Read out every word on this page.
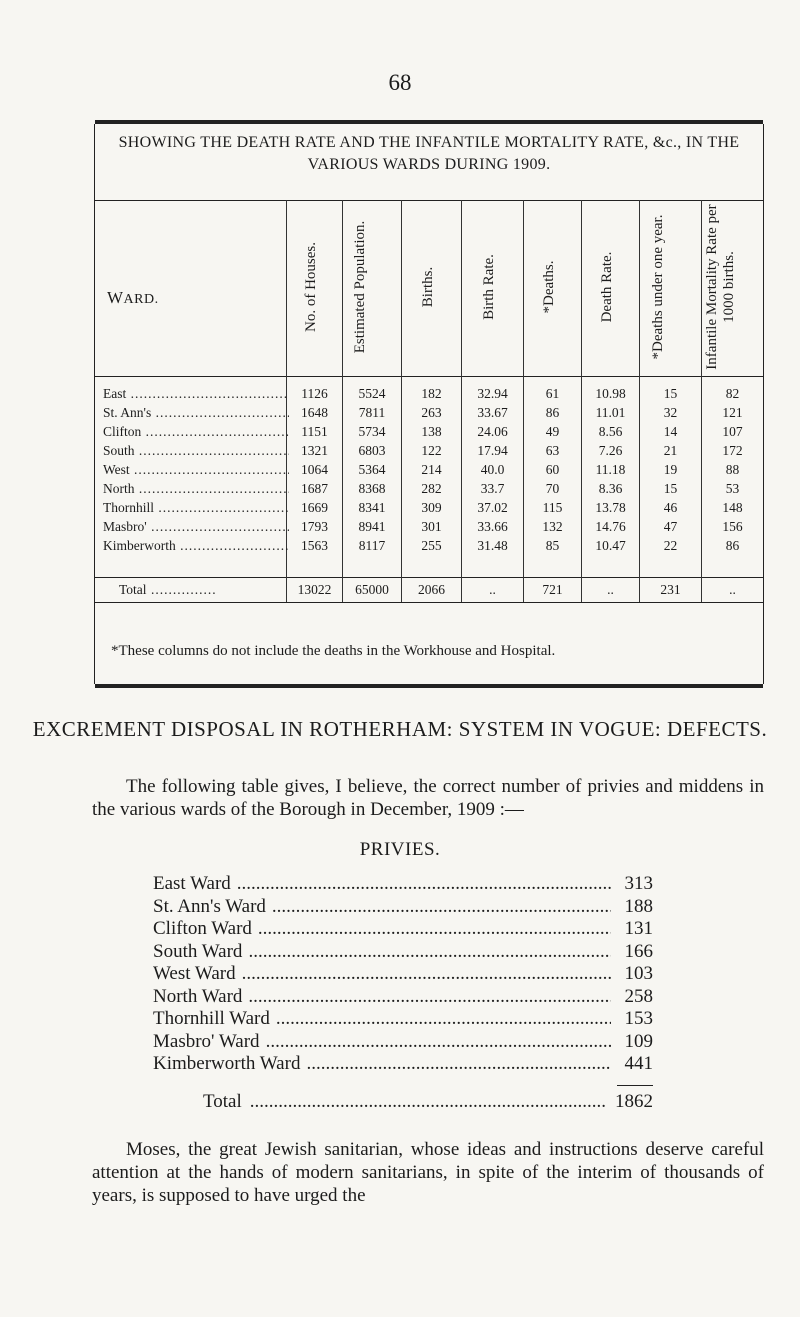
68
SHOWING THE DEATH RATE AND THE INFANTILE MORTALITY RATE, &c., IN THE VARIOUS WARDS DURING 1909.
WARD.	No. of Houses.	Estimated Population.	Births.	Birth Rate.	*Deaths.	Death Rate.	*Deaths under one year.	Infantile Mortality Rate per 1000 births.
East .....	1126	5524	182	32.94	61	10.98	15	82
St. Ann's .....	1648	7811	263	33.67	86	11.01	32	121
Clifton .....	1151	5734	138	24.06	49	8.56	14	107
South .....	1321	6803	122	17.94	63	7.26	21	172
West .....	1064	5364	214	40.0	60	11.18	19	88
North .....	1687	8368	282	33.7	70	8.36	15	53
Thornhill .....	1669	8341	309	37.02	115	13.78	46	148
Masbro' .....	1793	8941	301	33.66	132	14.76	47	156
Kimberworth .....	1563	8117	255	31.48	85	10.47	22	86
Total .....	13022	65000	2066	..	721	..	231	..
*These columns do not include the deaths in the Workhouse and Hospital.
EXCREMENT DISPOSAL IN ROTHERHAM: SYSTEM IN VOGUE: DEFECTS.
The following table gives, I believe, the correct number of privies and middens in the various wards of the Borough in December, 1909 :—
PRIVIES.
East Ward .....	313
St. Ann's Ward .....	188
Clifton Ward .....	131
South Ward .....	166
West Ward .....	103
North Ward .....	258
Thornhill Ward .....	153
Masbro' Ward .....	109
Kimberworth Ward .....	441
Total .....	1862
Moses, the great Jewish sanitarian, whose ideas and instructions deserve careful attention at the hands of modern sanitarians, in spite of the interim of thousands of years, is supposed to have urged the
